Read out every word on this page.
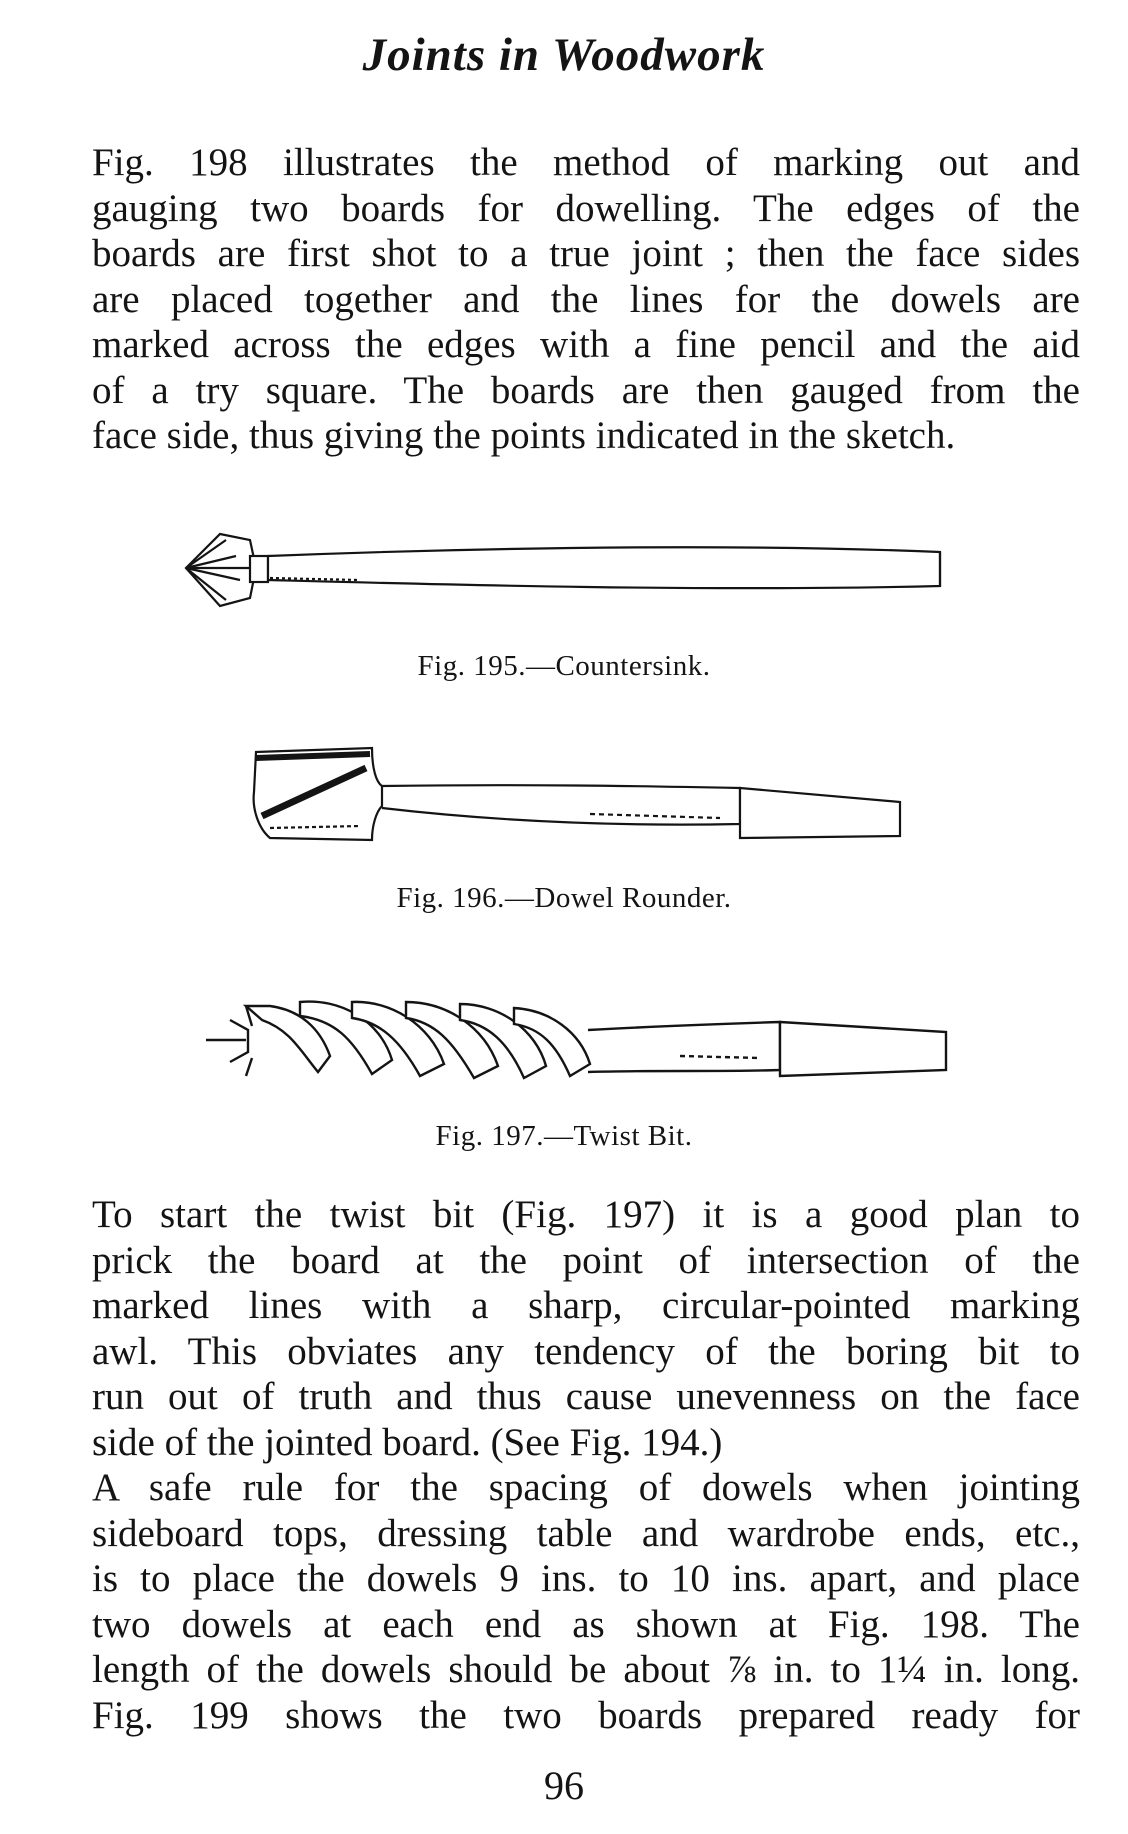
Joints in Woodwork

Fig. 198 illustrates the method of marking out and
gauging two boards for dowelling. The edges of the
boards are first shot to a true joint ; then the face sides
are placed together and the lines for the dowels are
marked across the edges with a fine pencil and the aid
of a try square. The boards are then gauged from the
face side, thus giving the points indicated in the sketch.

Fig. 195.—Countersink.

Fig. 196.—Dowel Rounder.

Fig. 197.—Twist Bit.

To start the twist bit (Fig. 197) it is a good plan to
prick the board at the point of intersection of the
marked lines with a sharp, circular-pointed marking
awl. This obviates any tendency of the boring bit to
run out of truth and thus cause unevenness on the face
side of the jointed board. (See Fig. 194.)

A safe rule for the spacing of dowels when jointing
sideboard tops, dressing table and wardrobe ends, etc.,
is to place the dowels 9 ins. to 10 ins. apart, and place
two dowels at each end as shown at Fig. 198. The
length of the dowels should be about ⅞ in. to 1¼ in. long.

Fig. 199 shows the two boards prepared ready for

96
